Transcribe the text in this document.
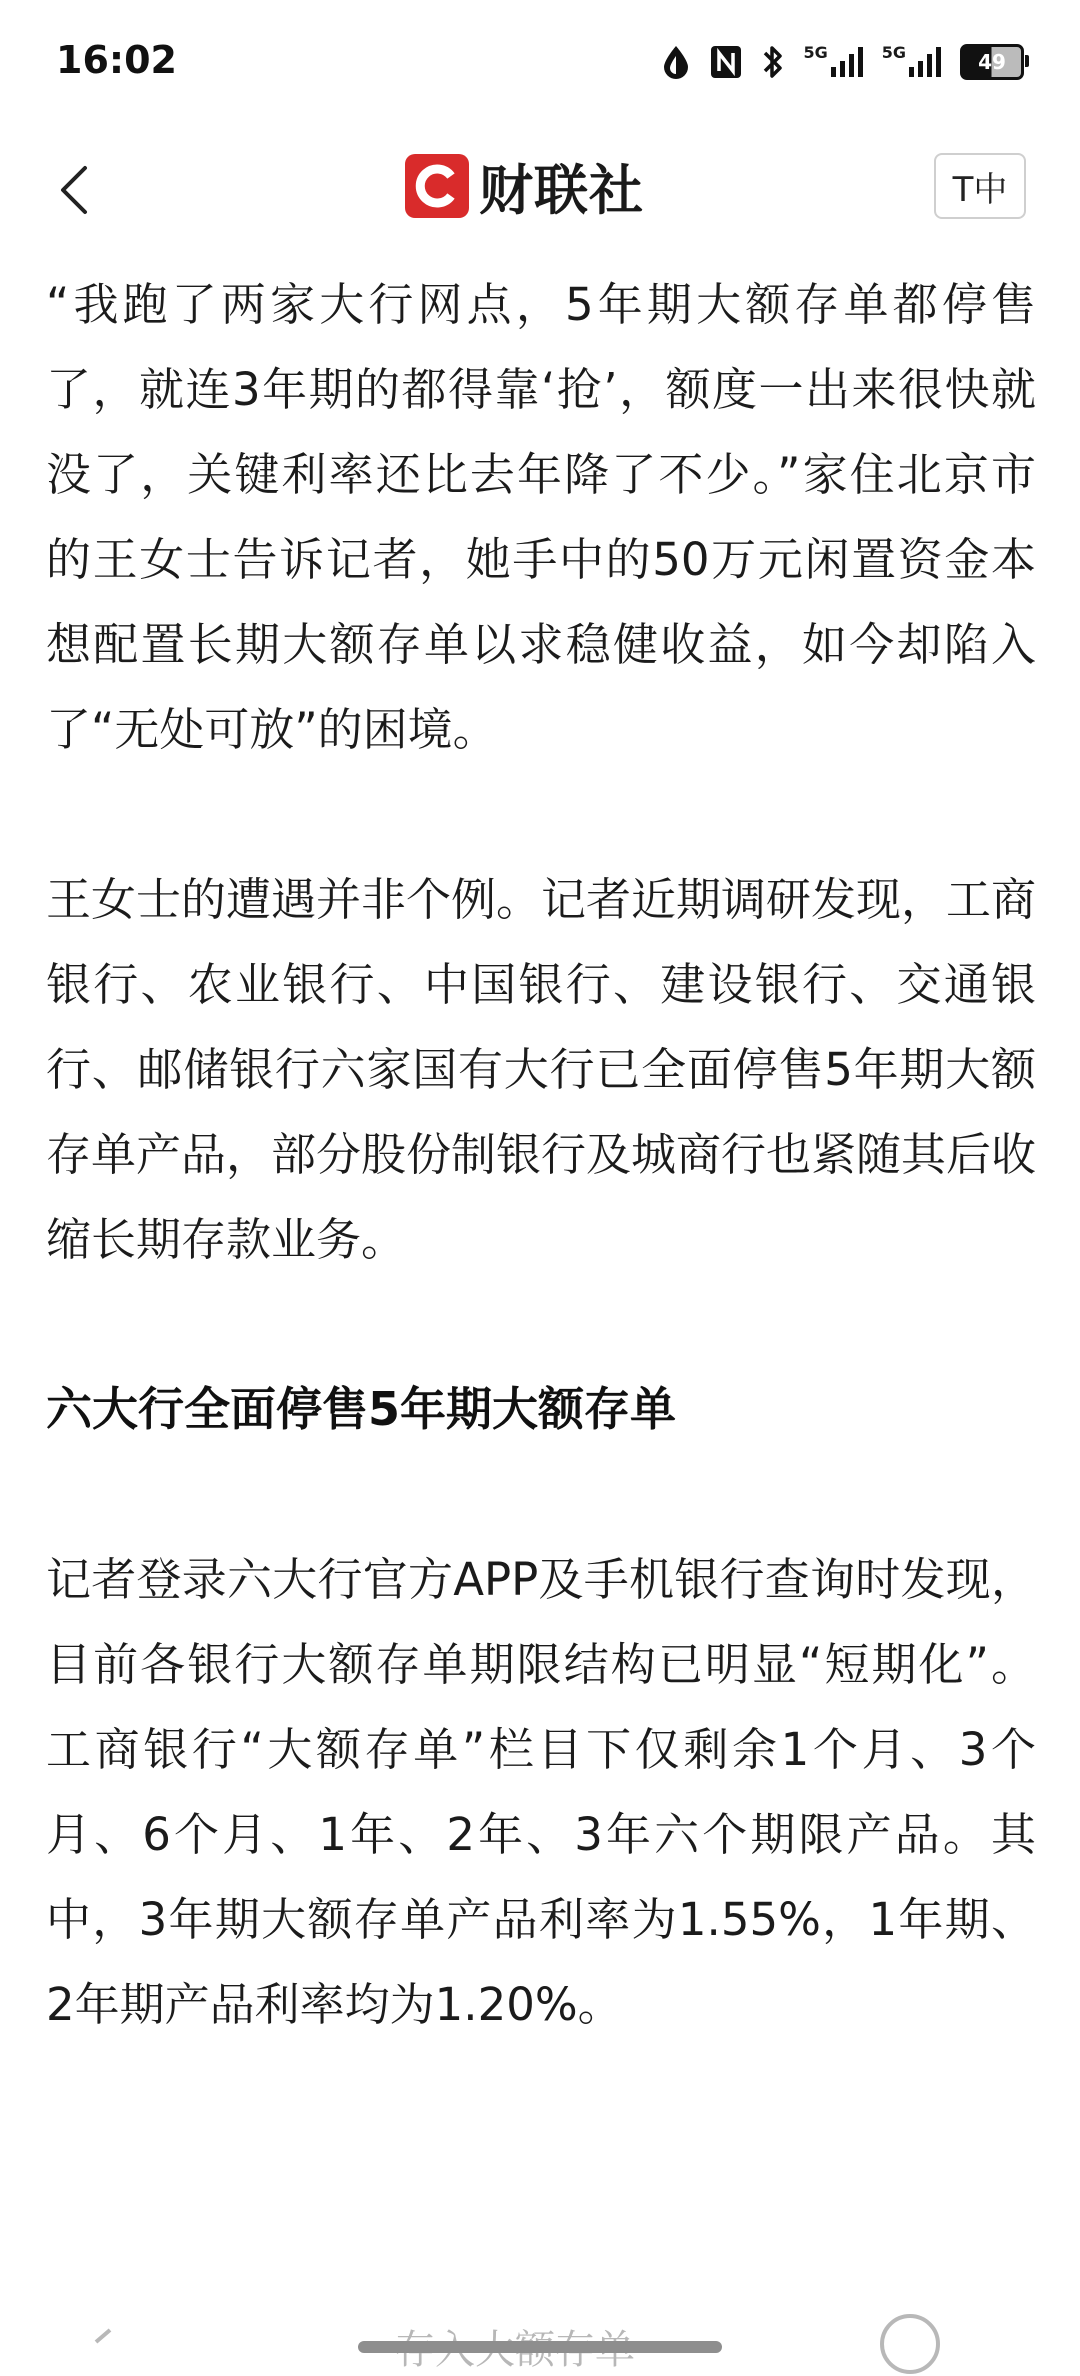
16:02	5G	5G	49
财联社	T中

“我跑了两家大行网点，5年期大额存单都停售了，就连3年期的都得靠‘抢’，额度一出来很快就没了，关键利率还比去年降了不少。”家住北京市的王女士告诉记者，她手中的50万元闲置资金本想配置长期大额存单以求稳健收益，如今却陷入了“无处可放”的困境。

王女士的遭遇并非个例。记者近期调研发现，工商银行、农业银行、中国银行、建设银行、交通银行、邮储银行六家国有大行已全面停售5年期大额存单产品，部分股份制银行及城商行也紧随其后收缩长期存款业务。

六大行全面停售5年期大额存单

记者登录六大行官方APP及手机银行查询时发现，目前各银行大额存单期限结构已明显“短期化”。工商银行“大额存单”栏目下仅剩余1个月、3个月、6个月、1年、2年、3年六个期限产品。其中，3年期大额存单产品利率为1.55%，1年期、2年期产品利率均为1.20%。
